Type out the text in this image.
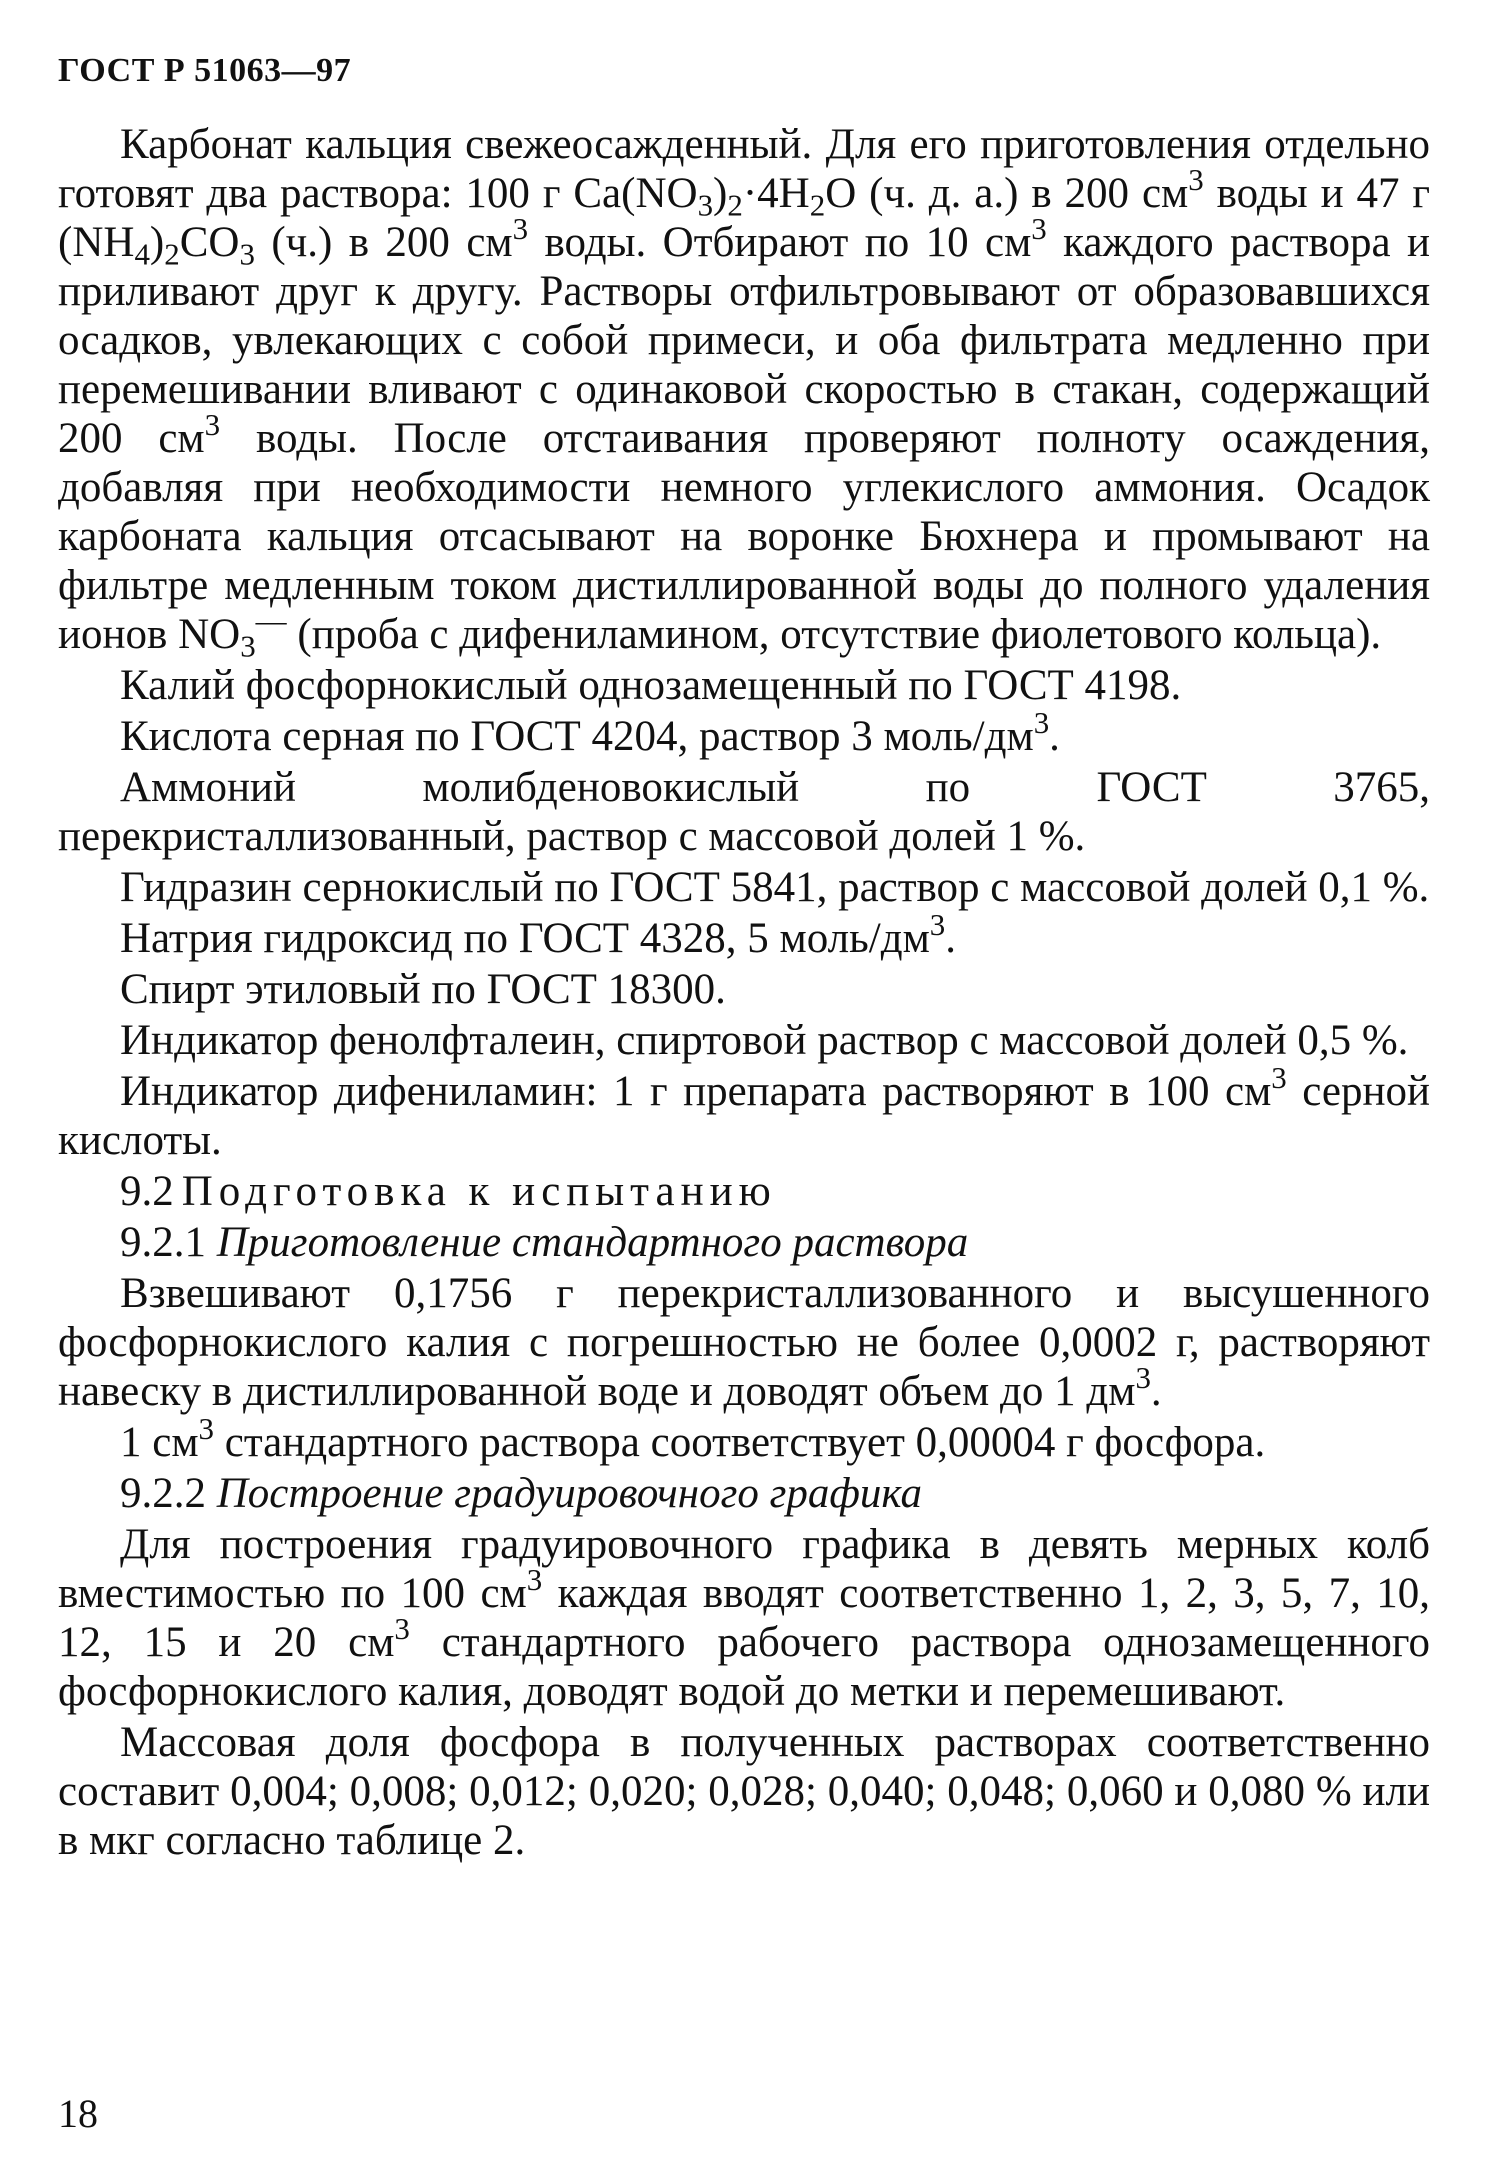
ГОСТ Р 51063—97

Карбонат кальция свежеосажденный. Для его приготовления отдельно готовят два раствора: 100 г $Ca(NO_3)_2\cdot 4H_2O$ (ч. д. а.) в 200 $см^3$ воды и 47 г $(NH_4)_2CO_3$ (ч.) в 200 $см^3$ воды. Отбирают по 10 $см^3$ каждого раствора и приливают друг к другу. Растворы отфильтровывают от образовавшихся осадков, увлекающих с собой примеси, и оба фильтрата медленно при перемешивании вливают с одинаковой скоростью в стакан, содержащий 200 $см^3$ воды. После отстаивания проверяют полноту осаждения, добавляя при необходимости немного углекислого аммония. Осадок карбоната кальция отсасывают на воронке Бюхнера и промывают на фильтре медленным током дистиллированной воды до полного удаления ионов $NO_3^—$ (проба с дифениламином, отсутствие фиолетового кольца).

Калий фосфорнокислый однозамещенный по ГОСТ 4198.

Кислота серная по ГОСТ 4204, раствор 3 моль/$дм^3$.

Аммоний молибденовокислый по ГОСТ 3765, перекристаллизованный, раствор с массовой долей 1 %.

Гидразин сернокислый по ГОСТ 5841, раствор с массовой долей 0,1 %.

Натрия гидроксид по ГОСТ 4328, 5 моль/$дм^3$.

Спирт этиловый по ГОСТ 18300.

Индикатор фенолфталеин, спиртовой раствор с массовой долей 0,5 %.

Индикатор дифениламин: 1 г препарата растворяют в 100 $см^3$ серной кислоты.

9.2 Подготовка к испытанию

9.2.1 Приготовление стандартного раствора

Взвешивают 0,1756 г перекристаллизованного и высушенного фосфорнокислого калия с погрешностью не более 0,0002 г, растворяют навеску в дистиллированной воде и доводят объем до 1 $дм^3$.

1 $см^3$ стандартного раствора соответствует 0,00004 г фосфора.

9.2.2 Построение градуировочного графика

Для построения градуировочного графика в девять мерных колб вместимостью по 100 $см^3$ каждая вводят соответственно 1, 2, 3, 5, 7, 10, 12, 15 и 20 $см^3$ стандартного рабочего раствора однозамещенного фосфорнокислого калия, доводят водой до метки и перемешивают.

Массовая доля фосфора в полученных растворах соответственно составит 0,004; 0,008; 0,012; 0,020; 0,028; 0,040; 0,048; 0,060 и 0,080 % или в мкг согласно таблице 2.

18
